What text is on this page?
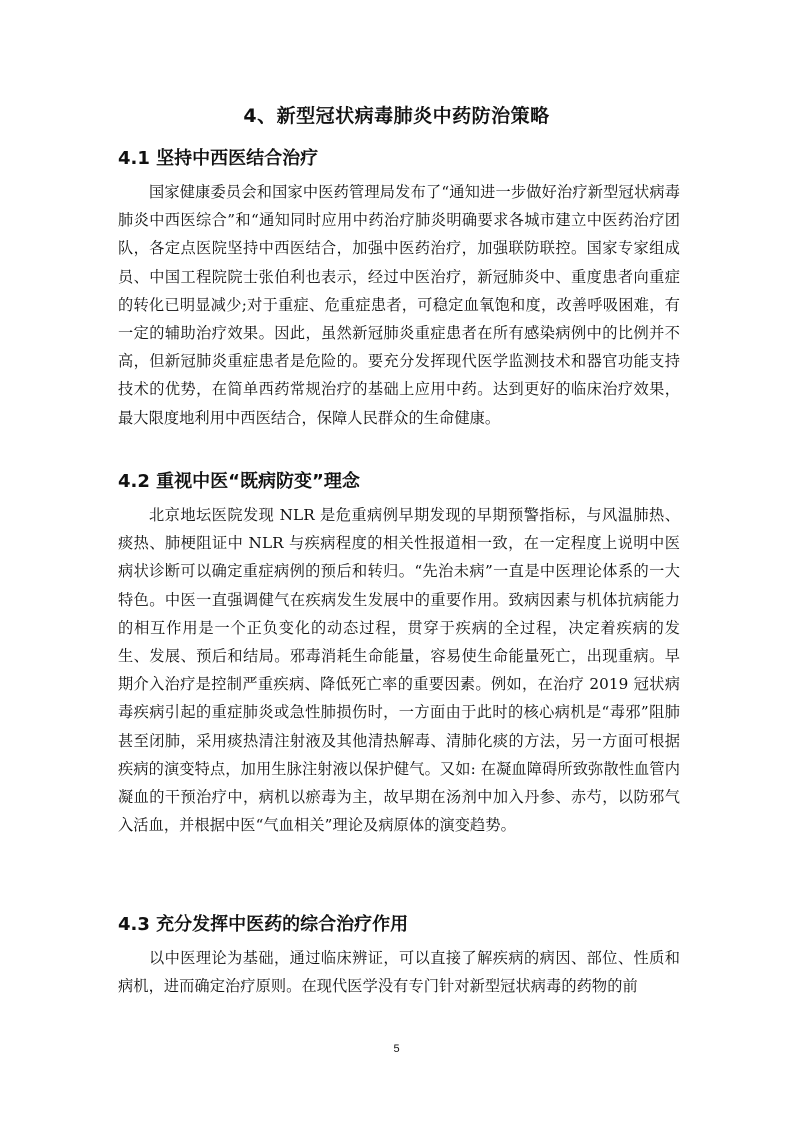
4、新型冠状病毒肺炎中药防治策略
4.1 坚持中西医结合治疗

国家健康委员会和国家中医药管理局发布了“通知进一步做好治疗新型冠状病毒肺炎中西医综合”和“通知同时应用中药治疗肺炎明确要求各城市建立中医药治疗团队，各定点医院坚持中西医结合，加强中医药治疗，加强联防联控。国家专家组成员、中国工程院院士张伯利也表示，经过中医治疗，新冠肺炎中、重度患者向重症的转化已明显减少;对于重症、危重症患者，可稳定血氧饱和度，改善呼吸困难，有一定的辅助治疗效果。因此，虽然新冠肺炎重症患者在所有感染病例中的比例并不高，但新冠肺炎重症患者是危险的。要充分发挥现代医学监测技术和器官功能支持技术的优势，在简单西药常规治疗的基础上应用中药。达到更好的临床治疗效果，最大限度地利用中西医结合，保障人民群众的生命健康。

4.2 重视中医“既病防变”理念

北京地坛医院发现 NLR 是危重病例早期发现的早期预警指标，与风温肺热、痰热、肺梗阻证中 NLR 与疾病程度的相关性报道相一致，在一定程度上说明中医病状诊断可以确定重症病例的预后和转归。“先治未病”一直是中医理论体系的一大特色。中医一直强调健气在疾病发生发展中的重要作用。致病因素与机体抗病能力的相互作用是一个正负变化的动态过程，贯穿于疾病的全过程，决定着疾病的发生、发展、预后和结局。邪毒消耗生命能量，容易使生命能量死亡，出现重病。早期介入治疗是控制严重疾病、降低死亡率的重要因素。例如，在治疗 2019 冠状病毒疾病引起的重症肺炎或急性肺损伤时，一方面由于此时的核心病机是“毒邪”阻肺甚至闭肺，采用痰热清注射液及其他清热解毒、清肺化痰的方法，另一方面可根据疾病的演变特点，加用生脉注射液以保护健气。又如: 在凝血障碍所致弥散性血管内凝血的干预治疗中，病机以瘀毒为主，故早期在汤剂中加入丹参、赤芍，以防邪气入活血，并根据中医“气血相关”理论及病原体的演变趋势。

4.3 充分发挥中医药的综合治疗作用

以中医理论为基础，通过临床辨证，可以直接了解疾病的病因、部位、性质和病机，进而确定治疗原则。在现代医学没有专门针对新型冠状病毒的药物的前

5
